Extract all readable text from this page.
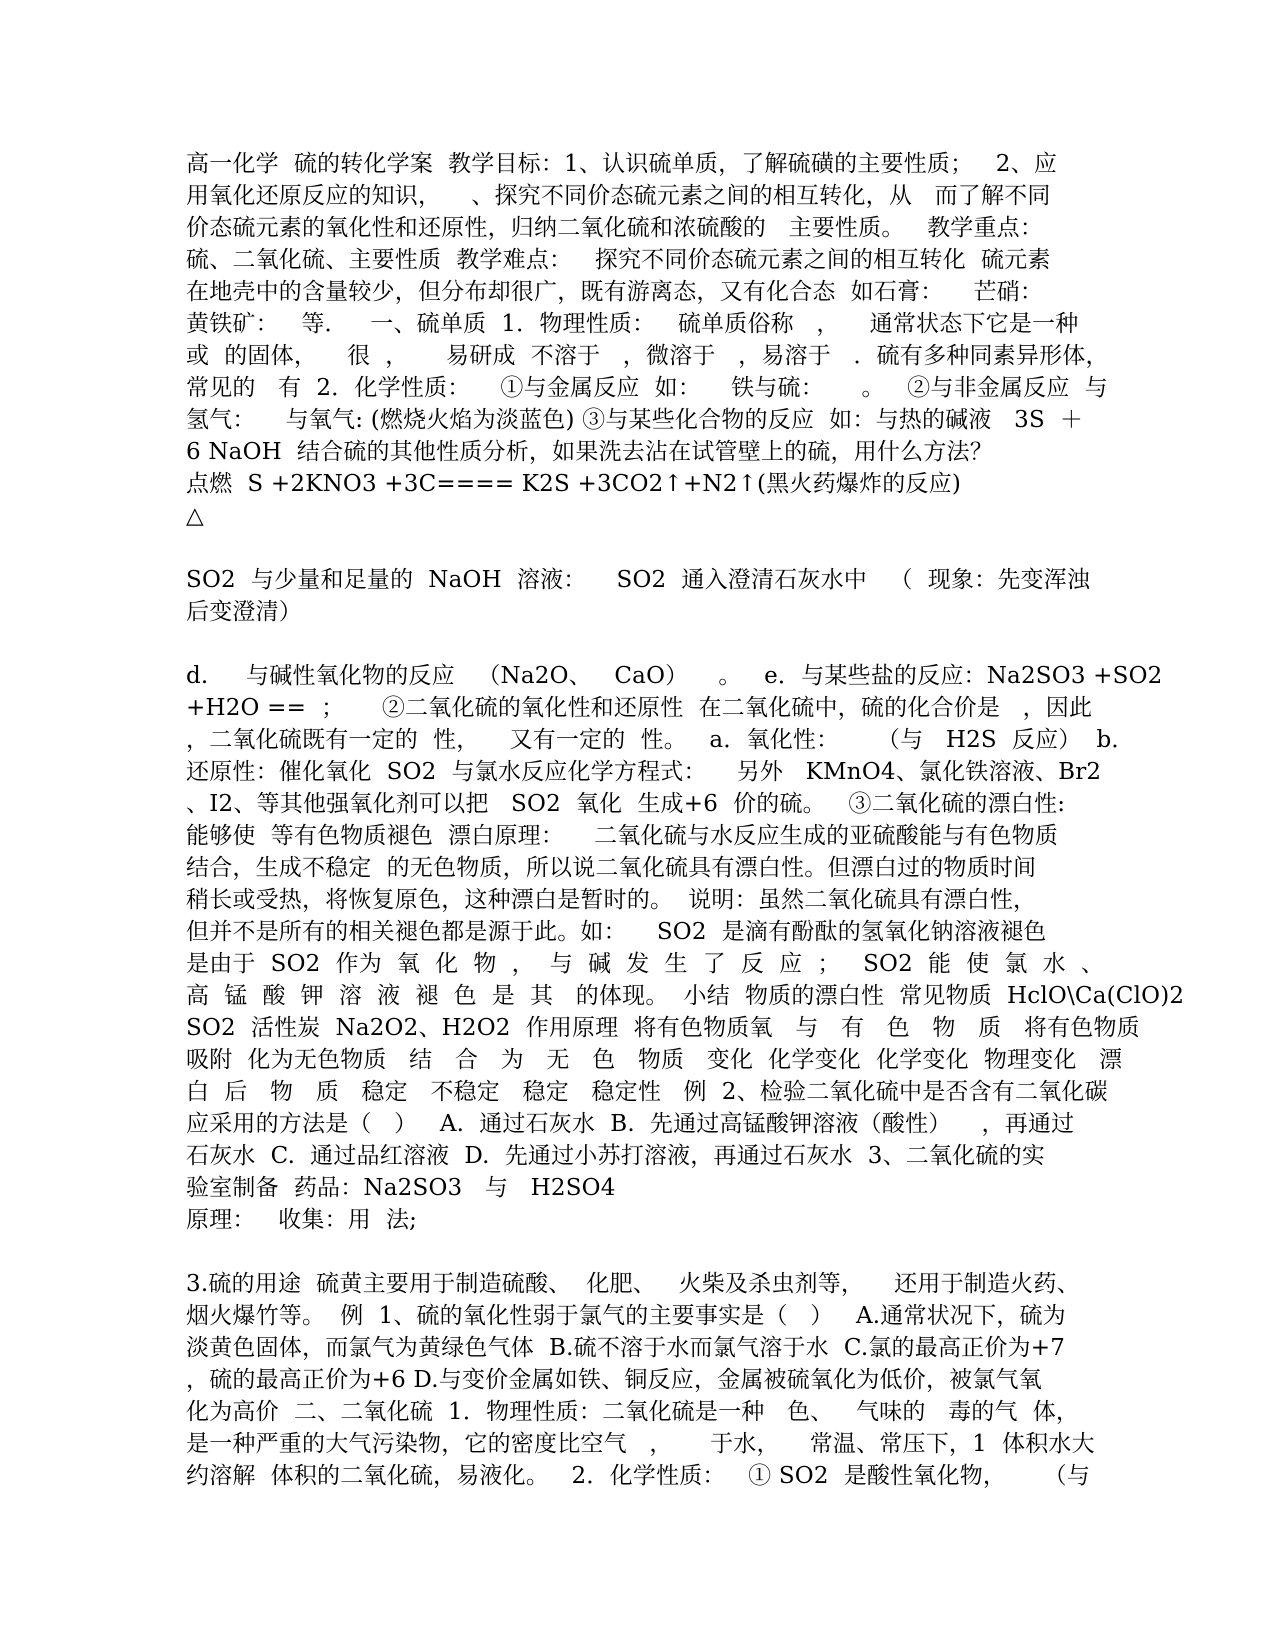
高一化学  硫的转化学案  教学目标：1、认识硫单质，了解硫磺的主要性质；   2、应
用氧化还原反应的知识，    、探究不同价态硫元素之间的相互转化，从   而了解不同
价态硫元素的氧化性和还原性，归纳二氧化硫和浓硫酸的   主要性质。   教学重点：
硫、二氧化硫、主要性质  教学难点：   探究不同价态硫元素之间的相互转化  硫元素
在地壳中的含量较少，但分布却很广，既有游离态，又有化合态  如石膏：    芒硝：
黄铁矿：   等．   一、硫单质  1．物理性质：   硫单质俗称   ，    通常状态下它是一种
或  的固体，    很  ，     易研成  不溶于   ，微溶于   ，易溶于   ．硫有多种同素异形体，
常见的   有  2．化学性质：    ①与金属反应  如：    铁与硫：     。   ②与非金属反应  与
氢气：    与氧气: (燃烧火焰为淡蓝色) ③与某些化合物的反应  如：与热的碱液   3S  ＋
6 NaOH  结合硫的其他性质分析，如果洗去沾在试管壁上的硫，用什么方法？
点燃  S +2KNO3 +3C==== K2S +3CO2↑+N2↑(黑火药爆炸的反应)
△
SO2  与少量和足量的  NaOH  溶液：    SO2  通入澄清石灰水中   （  现象：先变浑浊
后变澄清）
d.     与碱性氧化物的反应   （Na2O、   CaO）    。   e．与某些盐的反应：Na2SO3 +SO2
+H2O ==  ；     ②二氧化硫的氧化性和还原性  在二氧化硫中，硫的化合价是   ，因此
，二氧化硫既有一定的  性，    又有一定的  性。   a．氧化性：     （与   H2S  反应）  b．
还原性：催化氧化  SO2  与氯水反应化学方程式：    另外   KMnO4、氯化铁溶液、Br2
、I2、等其他强氧化剂可以把   SO2  氧化  生成+6  价的硫。   ③二氧化硫的漂白性:
能够使  等有色物质褪色  漂白原理：    二氧化硫与水反应生成的亚硫酸能与有色物质
结合，生成不稳定  的无色物质，所以说二氧化硫具有漂白性。但漂白过的物质时间
稍长或受热，将恢复原色，这种漂白是暂时的。  说明：虽然二氧化硫具有漂白性，
但并不是所有的相关褪色都是源于此。如：    SO2  是滴有酚酞的氢氧化钠溶液褪色
是由于  SO2  作为  氧  化  物  ，  与  碱  发  生  了  反  应  ；   SO2  能  使  氯  水  、
高  锰  酸  钾  溶  液  褪  色  是  其   的体现。  小结  物质的漂白性  常见物质  HclO\Ca(ClO)2
SO2  活性炭  Na2O2、H2O2  作用原理  将有色物质氧   与   有   色   物   质   将有色物质
吸附  化为无色物质   结   合   为   无   色   物质   变化  化学变化  化学变化  物理变化   漂
白  后   物   质   稳定   不稳定   稳定   稳定性   例  2、检验二氧化硫中是否含有二氧化碳
应采用的方法是（   ）   A.  通过石灰水  B.  先通过高锰酸钾溶液（酸性）    ，再通过
石灰水  C.  通过品红溶液  D.  先通过小苏打溶液，再通过石灰水  3、二氧化硫的实
验室制备  药品：Na2SO3   与   H2SO4
原理：   收集：用  法;
3.硫的用途  硫黄主要用于制造硫酸、  化肥、   火柴及杀虫剂等，    还用于制造火药、
烟火爆竹等。  例  1、硫的氧化性弱于氯气的主要事实是（   ）   A.通常状况下，硫为
淡黄色固体，而氯气为黄绿色气体  B.硫不溶于水而氯气溶于水  C.氯的最高正价为+7
，硫的最高正价为+6 D.与变价金属如铁、铜反应，金属被硫氧化为低价，被氯气氧
化为高价  二、二氧化硫  1．物理性质：二氧化硫是一种   色、   气味的   毒的气  体，
是一种严重的大气污染物，它的密度比空气   ，     于水，    常温、常压下，1  体积水大
约溶解  体积的二氧化硫，易液化。   2．化学性质：   ① SO2  是酸性氧化物，     （与
